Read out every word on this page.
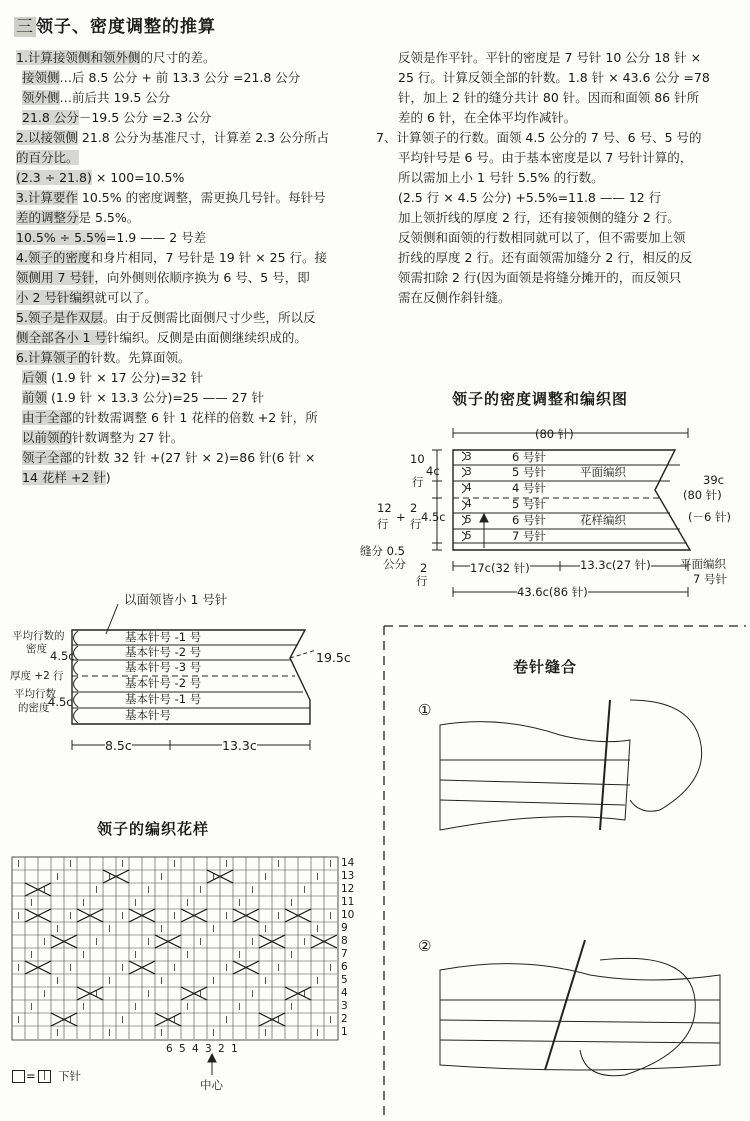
三 领子、密度调整的推算
1.计算接领侧和领外侧的尺寸的差。
接领侧…后 8.5 公分 + 前 13.3 公分 =21.8 公分
领外侧…前后共 19.5 公分
21.8 公分－19.5 公分 =2.3 公分
2.以接领侧 21.8 公分为基准尺寸，计算差 2.3 公分所占
的百分比。
(2.3 ÷ 21.8) × 100=10.5%
3.计算要作 10.5% 的密度调整，需更换几号针。每针号
差的调整分是 5.5%。
10.5% ÷ 5.5%=1.9 —— 2 号差
4.领子的密度和身片相同，7 号针是 19 针 × 25 行。接
领侧用 7 号针，向外侧则依顺序换为 6 号、5 号，即
小 2 号针编织就可以了。
5.领子是作双层。由于反侧需比面侧尺寸少些，所以反
侧全部各小 1 号针编织。反侧是由面侧继续织成的。
6.计算领子的针数。先算面领。
后领 (1.9 针 × 17 公分)=32 针
前领 (1.9 针 × 13.3 公分)=25 —— 27 针
由于全部的针数需调整 6 针 1 花样的倍数 +2 针，所
以前领的针数调整为 27 针。
领子全部的针数 32 针 +(27 针 × 2)=86 针(6 针 ×
14 花样 +2 针)
反领是作平针。平针的密度是 7 号针 10 公分 18 针 ×
25 行。计算反领全部的针数。1.8 针 × 43.6 公分 =78
针，加上 2 针的缝分共计 80 针。因而和面领 86 针所
差的 6 针，在全体平均作减针。
7、计算领子的行数。面领 4.5 公分的 7 号、6 号、5 号的
平均针号是 6 号。由于基本密度是以 7 号针计算的，
所以需加上小 1 号针 5.5% 的行数。
(2.5 行 × 4.5 公分) +5.5%=11.8 —— 12 行
加上领折线的厚度 2 行，还有接领侧的缝分 2 行。
反领侧和面领的行数相同就可以了，但不需要加上领
折线的厚度 2 行。还有面领需加缝分 2 行，相反的反
领需扣除 2 行(因为面领是将缝分摊开的，而反领只
需在反侧作斜针缝。
领子的密度调整和编织图
(80 针)
6 号针
3
5 号针
3
4 号针
4
5 号针
4
6 号针
5
7 号针
5
平面编织
花样编织
10
4c
行
12 2
+ 4.5c
行 行
缝分 0.5
公分 2
行
39c
(80 针)
(－6 针)
17c(32 针)	13.3c(27 针)
43.6c(86 针)
平面编织
7 号针
以面领皆小 1 号针
基本针号 -1 号
基本针号 -2 号
基本针号 -3 号
基本针号 -2 号
基本针号 -1 号
基本针号
平均行数的
密度 4.5c
厚度 +2 行
平均行数
4.5c
的密度
19.5c
8.5c	13.3c
领子的编织花样
14
13
12
11
10
9
8
7
6
5
4
3
2
1
6 5 4 3 2 1
中心
= |	下针
卷针缝合
①
②
